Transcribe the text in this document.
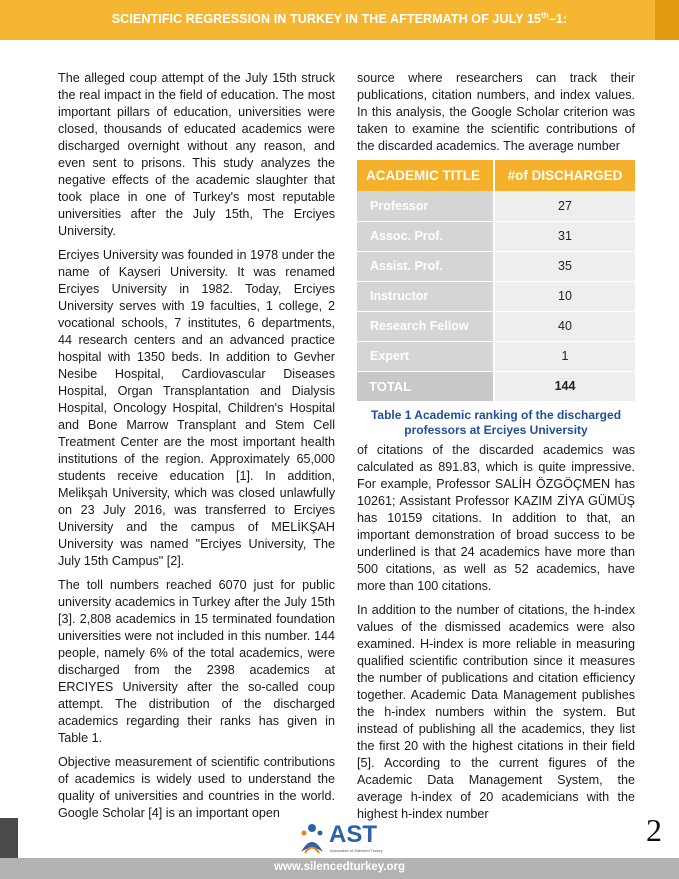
SCIENTIFIC REGRESSION IN TURKEY IN THE AFTERMATH OF JULY 15th–1:

The alleged coup attempt of the July 15th struck the real impact in the field of education. The most important pillars of education, universities were closed, thousands of educated academics were discharged overnight without any reason, and even sent to prisons. This study analyzes the negative effects of the academic slaughter that took place in one of Turkey's most reputable universities after the July 15th, The Erciyes University.

Erciyes University was founded in 1978 under the name of Kayseri University. It was renamed Erciyes University in 1982. Today, Erciyes University serves with 19 faculties, 1 college, 2 vocational schools, 7 institutes, 6 departments, 44 research centers and an advanced practice hospital with 1350 beds. In addition to Gevher Nesibe Hospital, Cardiovascular Diseases Hospital, Organ Transplantation and Dialysis Hospital, Oncology Hospital, Children's Hospital and Bone Marrow Transplant and Stem Cell Treatment Center are the most important health institutions of the region. Approximately 65,000 students receive education [1]. In addition, Melikşah University, which was closed unlawfully on 23 July 2016, was transferred to Erciyes University and the campus of MELİKŞAH University was named "Erciyes University, The July 15th Campus" [2].

The toll numbers reached 6070 just for public university academics in Turkey after the July 15th [3]. 2,808 academics in 15 terminated foundation universities were not included in this number. 144 people, namely 6% of the total academics, were discharged from the 2398 academics at ERCIYES University after the so-called coup attempt. The distribution of the discharged academics regarding their ranks has given in Table 1.

Objective measurement of scientific contributions of academics is widely used to understand the quality of universities and countries in the world. Google Scholar [4] is an important open

source where researchers can track their publications, citation numbers, and index values. In this analysis, the Google Scholar criterion was taken to examine the scientific contributions of the discarded academics. The average number

ACADEMIC TITLE	#of DISCHARGED
Professor	27
Assoc. Prof.	31
Assist. Prof.	35
Instructor	10
Research Fellow	40
Expert	1
TOTAL	144
Table 1 Academic ranking of the discharged professors at Erciyes University

of citations of the discarded academics was calculated as 891.83, which is quite impressive. For example, Professor SALİH ÖZGÖÇMEN has 10261; Assistant Professor KAZIM ZİYA GÜMÜŞ has 10159 citations. In addition to that, an important demonstration of broad success to be underlined is that 24 academics have more than 500 citations, as well as 52 academics, have more than 100 citations.

In addition to the number of citations, the h-index values of the dismissed academics were also examined. H-index is more reliable in measuring qualified scientific contribution since it measures the number of publications and citation efficiency together. Academic Data Management publishes the h-index numbers within the system. But instead of publishing all the academics, they list the first 20 with the highest citations in their field [5]. According to the current figures of the Academic Data Management System, the average h-index of 20 academicians with the highest h-index number

AST
Advocates of Silenced Turkey
2
www.silencedturkey.org
